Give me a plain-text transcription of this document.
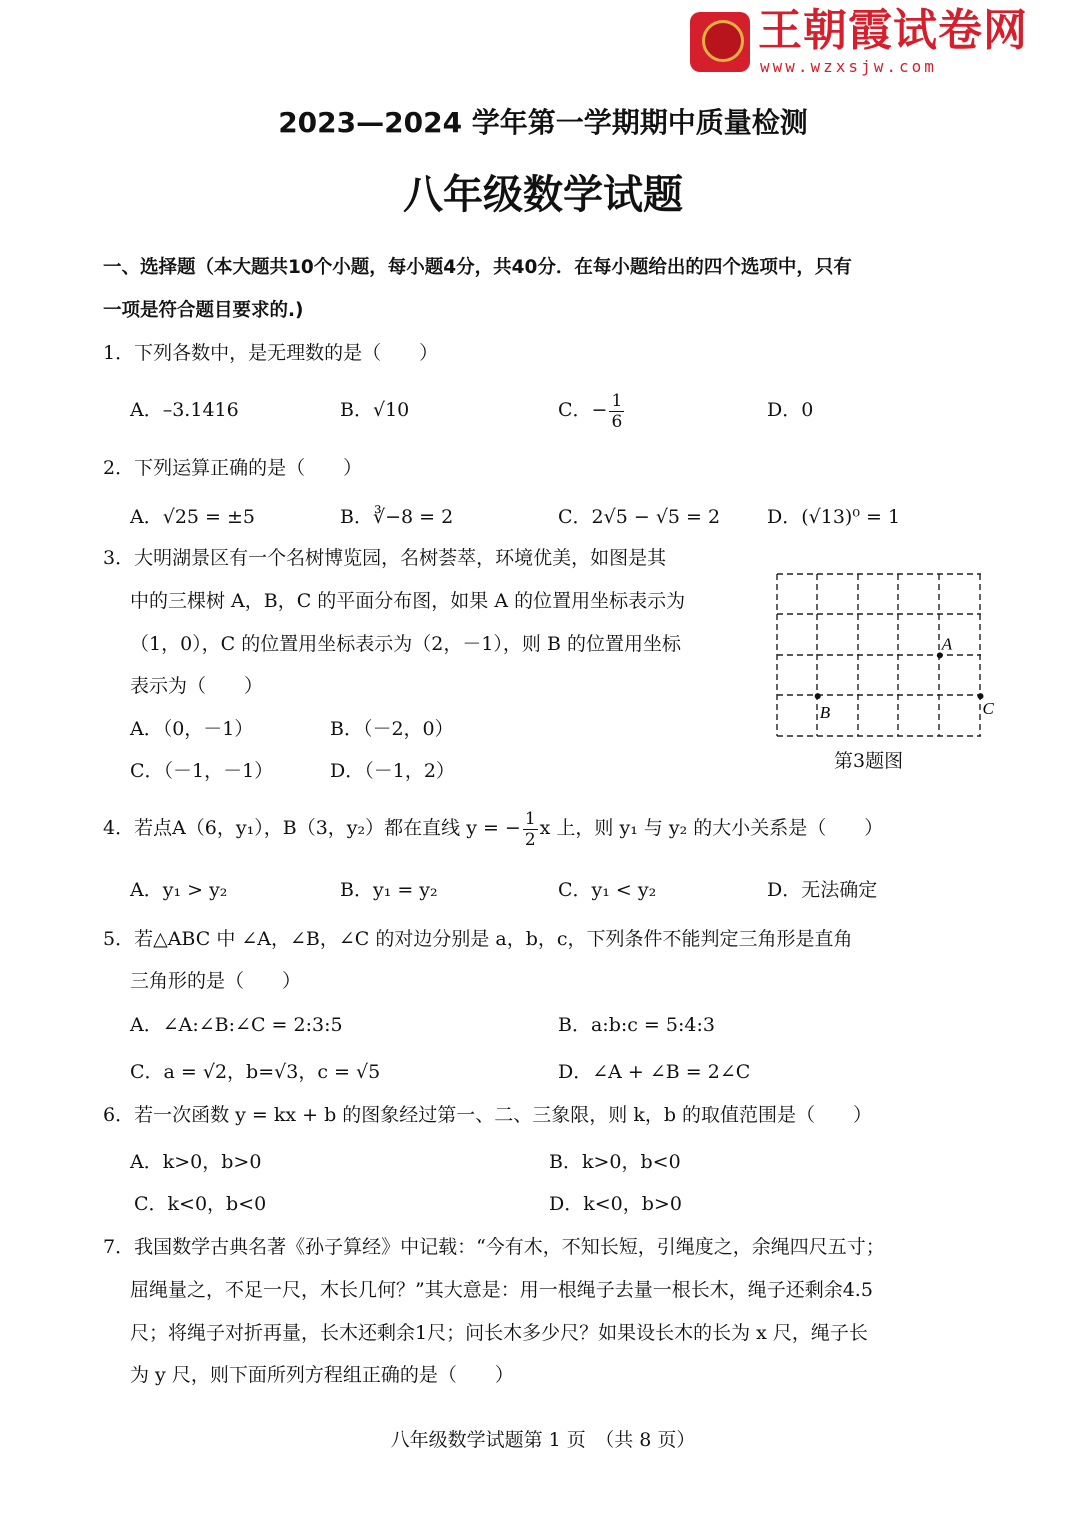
王朝霞试卷网
www.wzxsjw.com
2023—2024 学年第一学期期中质量检测
八年级数学试题
一、选择题（本大题共10个小题，每小题4分，共40分．在每小题给出的四个选项中，只有
一项是符合题目要求的.)
1．下列各数中，是无理数的是（　　）
A．–3.1416	B．√10	C．− $\frac{1}{6}$	D．0
2．下列运算正确的是（　　）
A．√25 = ±5	B．∛−8 = 2	C．2√5 − √5 = 2 D．(√13)⁰ = 1
3．大明湖景区有一个名树博览园，名树荟萃，环境优美，如图是其
中的三棵树 A，B，C 的平面分布图，如果 A 的位置用坐标表示为
（1，0），C 的位置用坐标表示为（2，－1），则 B 的位置用坐标
表示为（　　）
A．（0，－1）	B．（－2，0）
C．（－1，－1）	D．（－1，2）
A
B	C
第3题图
4．若点A（6，y₁），B（3，y₂）都在直线 y = − $\frac{1}{2}$ x 上，则 y₁ 与 y₂ 的大小关系是（　　）
A．y₁ > y₂	B．y₁ = y₂	C．y₁ < y₂	D．无法确定
5．若△ABC 中 ∠A，∠B，∠C 的对边分别是 a，b，c，下列条件不能判定三角形是直角
三角形的是（　　）
A．∠A:∠B:∠C = 2:3:5	B．a:b:c = 5:4:3
C．a = √2，b=√3，c = √5	D．∠A + ∠B = 2∠C
6．若一次函数 y = kx + b 的图象经过第一、二、三象限，则 k，b 的取值范围是（　　）
A．k>0，b>0	B．k>0，b<0
C．k<0，b<0	D．k<0，b>0
7．我国数学古典名著《孙子算经》中记载：“今有木，不知长短，引绳度之，余绳四尺五寸；
屈绳量之，不足一尺，木长几何？”其大意是：用一根绳子去量一根长木，绳子还剩余4.5
尺；将绳子对折再量，长木还剩余1尺；问长木多少尺？如果设长木的长为 x 尺，绳子长
为 y 尺，则下面所列方程组正确的是（　　）
八年级数学试题第 1 页　（共 8 页）
